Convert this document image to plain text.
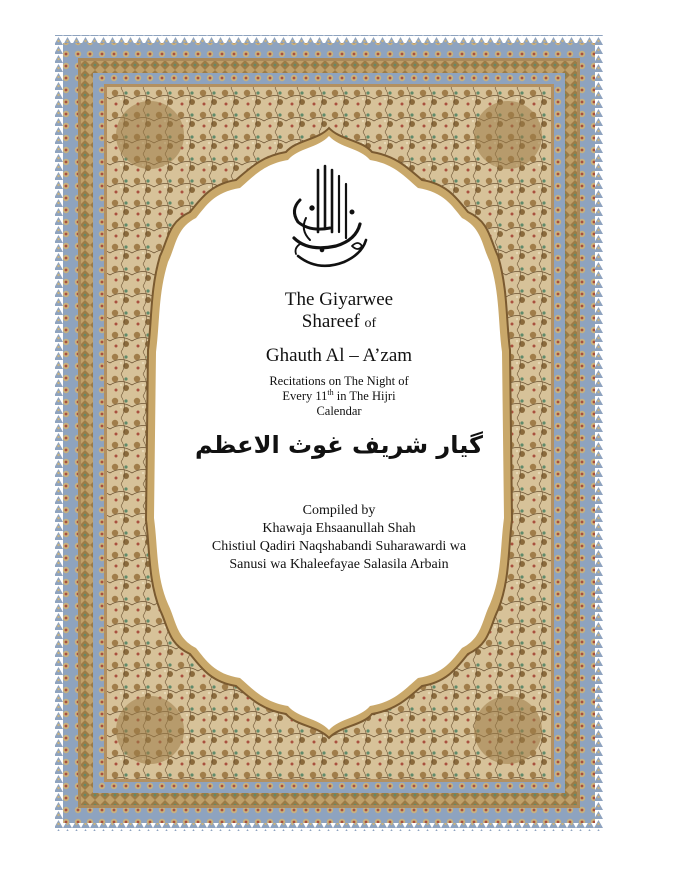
The Giyarwee
Shareef of
Ghauth Al – A’zam
Recitations on The Night of
Every 11th in The Hijri
Calendar
گیار شریف غوث الاعظم
Compiled by
Khawaja Ehsaanullah Shah
Chistiul Qadiri Naqshabandi Suharawardi wa
Sanusi wa Khaleefayae Salasila Arbain
